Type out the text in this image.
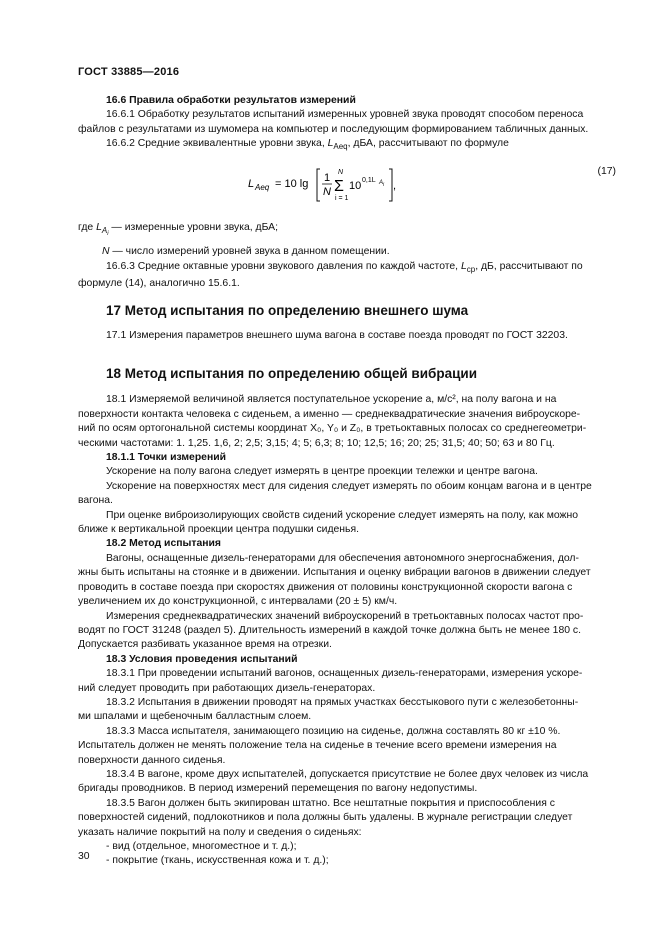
ГОСТ 33885—2016

16.6 Правила обработки результатов измерений

16.6.1 Обработку результатов испытаний измеренных уровней звука проводят способом переноса

файлов с результатами из шумомера на компьютер и последующим формированием табличных данных.

16.6.2 Средние эквивалентные уровни звука, $L_{Aeq}$, дБА, рассчитывают по формуле

L Aeq = 10 lg 1
N
N
Σ
i = 1
10 0,1L A i ,
(17)

где $L_{Ai}$ — измеренные уровни звука, дБА;

N — число измерений уровней звука в данном помещении.

16.6.3 Средние октавные уровни звукового давления по каждой частоте, $L_{ср}$, дБ, рассчитывают по

формуле (14), аналогично 15.6.1.

17 Метод испытания по определению внешнего шума

17.1 Измерения параметров внешнего шума вагона в составе поезда проводят по ГОСТ 32203.

18 Метод испытания по определению общей вибрации

18.1 Измеряемой величиной является поступательное ускорение a, м/с², на полу вагона и на

поверхности контакта человека с сиденьем, а именно — среднеквадратические значения виброускоре-

ний по осям ортогональной системы координат X₀, Y₀ и Z₀, в третьоктавных полосах со среднегеометри-

ческими частотами: 1. 1,25. 1,6, 2; 2,5; 3,15; 4; 5; 6,3; 8; 10; 12,5; 16; 20; 25; 31,5; 40; 50; 63 и 80 Гц.

18.1.1 Точки измерений

Ускорение на полу вагона следует измерять в центре проекции тележки и центре вагона.

Ускорение на поверхностях мест для сидения следует измерять по обоим концам вагона и в центре

вагона.

При оценке виброизолирующих свойств сидений ускорение следует измерять на полу, как можно

ближе к вертикальной проекции центра подушки сиденья.

18.2 Метод испытания

Вагоны, оснащенные дизель-генераторами для обеспечения автономного энергоснабжения, дол-

жны быть испытаны на стоянке и в движении. Испытания и оценку вибрации вагонов в движении следует

проводить в составе поезда при скоростях движения от половины конструкционной скорости вагона с

увеличением их до конструкционной, с интервалами (20 ± 5) км/ч.

Измерения среднеквадратических значений виброускорений в третьоктавных полосах частот про-

водят по ГОСТ 31248 (раздел 5). Длительность измерений в каждой точке должна быть не менее 180 с.

Допускается разбивать указанное время на отрезки.

18.3 Условия проведения испытаний

18.3.1 При проведении испытаний вагонов, оснащенных дизель-генераторами, измерения ускоре-

ний следует проводить при работающих дизель-генераторах.

18.3.2 Испытания в движении проводят на прямых участках бесстыкового пути с железобетонны-

ми шпалами и щебеночным балластным слоем.

18.3.3 Масса испытателя, занимающего позицию на сиденье, должна составлять 80 кг ±10 %.

Испытатель должен не менять положение тела на сиденье в течение всего времени измерения на

поверхности данного сиденья.

18.3.4 В вагоне, кроме двух испытателей, допускается присутствие не более двух человек из числа

бригады проводников. В период измерений перемещения по вагону недопустимы.

18.3.5 Вагон должен быть экипирован штатно. Все нештатные покрытия и приспособления с

поверхностей сидений, подлокотников и пола должны быть удалены. В журнале регистрации следует

указать наличие покрытий на полу и сведения о сиденьях:

- вид (отдельное, многоместное и т. д.);

- покрытие (ткань, искусственная кожа и т. д.);

30
